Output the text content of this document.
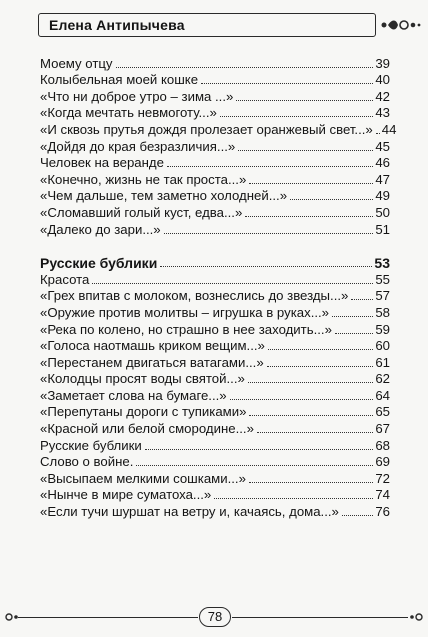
Елена Антипычева
Моему отцу	39
Колыбельная моей кошке	40
«Что ни доброе утро – зима ...»	42
«Когда мечтать невмоготу...»	43
«И сквозь прутья дождя пролезает оранжевый свет...» 44
«Дойдя до края безразличия...»	45
Человек на веранде	46
«Конечно, жизнь не так проста...»	47
«Чем дальше, тем заметно холодней...»	49
«Сломавший голый куст, едва...»	50
«Далеко до зари...»	51
Русские бублики	53
Красота	55
«Грех впитав с молоком, вознеслись до звезды...» 57
«Оружие против молитвы – игрушка в руках...»	58
«Река по колено, но страшно в нее заходить...»	59
«Голоса наотмашь криком вещим...»	60
«Перестанем двигаться ватагами...»	61
«Колодцы просят воды святой...»	62
«Заметает слова на бумаге...»	64
«Перепутаны дороги с тупиками»	65
«Красной или белой смородине...»	67
Русские бублики	68
Слово о войне.	69
«Высыпаем мелкими сошками...»	72
«Нынче в мире суматоха...»	74
«Если тучи шуршат на ветру и, качаясь, дома...»	76
78
